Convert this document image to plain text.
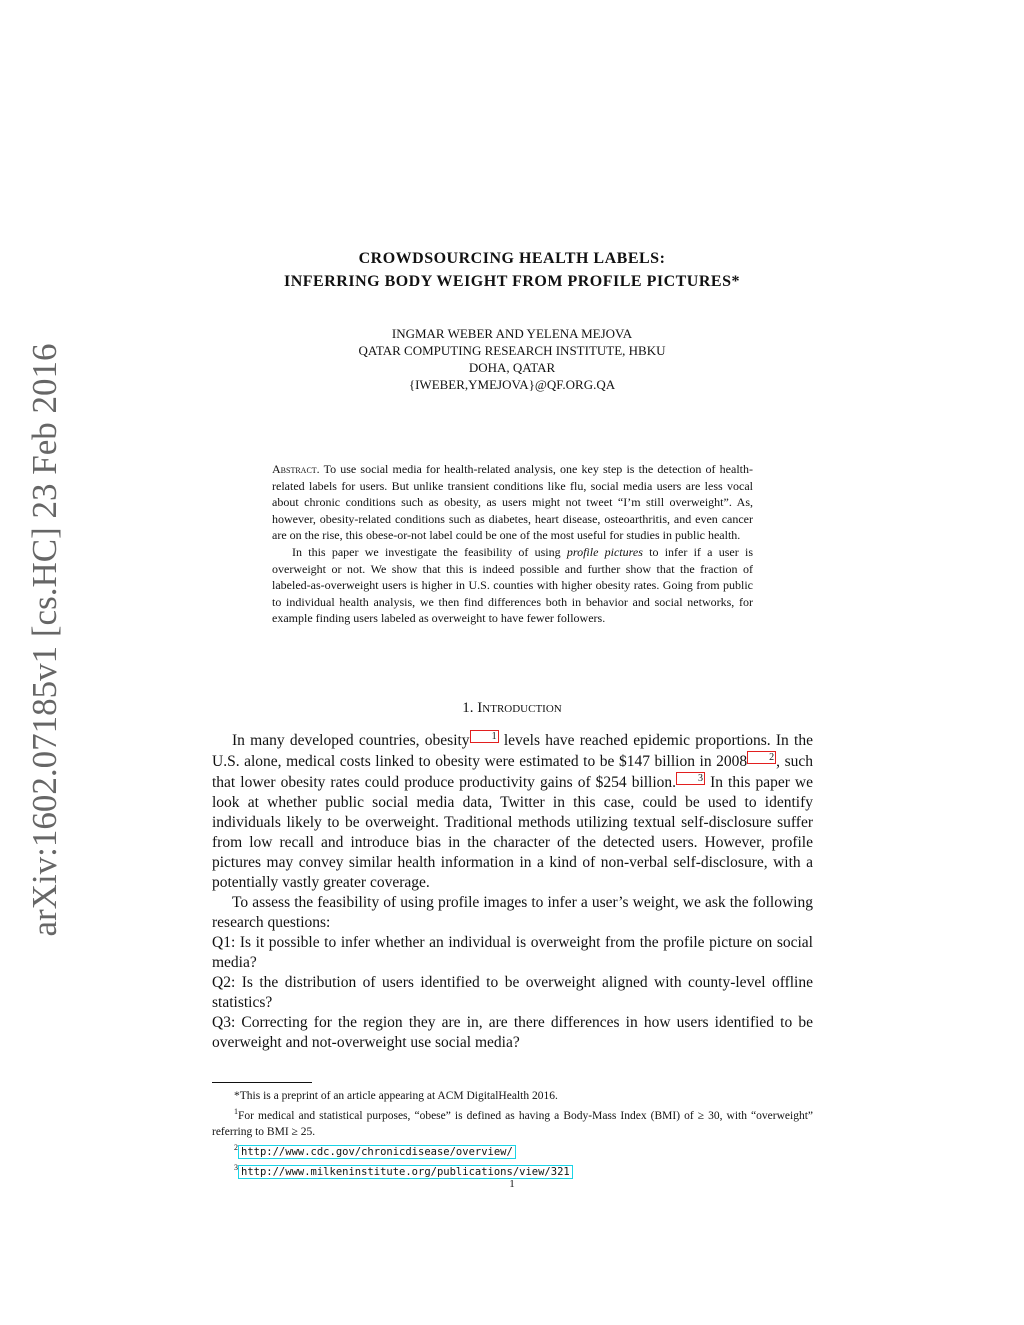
arXiv:1602.07185v1 [cs.HC] 23 Feb 2016
CROWDSOURCING HEALTH LABELS:
INFERRING BODY WEIGHT FROM PROFILE PICTURES*
INGMAR WEBER AND YELENA MEJOVA
QATAR COMPUTING RESEARCH INSTITUTE, HBKU
DOHA, QATAR
{IWEBER,YMEJOVA}@QF.ORG.QA

Abstract. To use social media for health-related analysis, one key step is the detection of health-related labels for users. But unlike transient conditions like flu, social media users are less vocal about chronic conditions such as obesity, as users might not tweet “I’m still overweight”. As, however, obesity-related conditions such as diabetes, heart disease, osteoarthritis, and even cancer are on the rise, this obese-or-not label could be one of the most useful for studies in public health.

In this paper we investigate the feasibility of using profile pictures to infer if a user is overweight or not. We show that this is indeed possible and further show that the fraction of labeled-as-overweight users is higher in U.S. counties with higher obesity rates. Going from public to individual health analysis, we then find differences both in behavior and social networks, for example finding users labeled as overweight to have fewer followers.

1. Introduction

In many developed countries, obesity 1 levels have reached epidemic proportions. In the U.S. alone, medical costs linked to obesity were estimated to be $147 billion in 2008 2 , such that lower obesity rates could produce productivity gains of $254 billion. 3 In this paper we look at whether public social media data, Twitter in this case, could be used to identify individuals likely to be overweight. Traditional methods utilizing textual self-disclosure suffer from low recall and introduce bias in the character of the detected users. However, profile pictures may convey similar health information in a kind of non-verbal self-disclosure, with a potentially vastly greater coverage.

To assess the feasibility of using profile images to infer a user’s weight, we ask the following research questions:

Q1: Is it possible to infer whether an individual is overweight from the profile picture on social media?

Q2: Is the distribution of users identified to be overweight aligned with county-level offline statistics?

Q3: Correcting for the region they are in, are there differences in how users identified to be overweight and not-overweight use social media?

*This is a preprint of an article appearing at ACM DigitalHealth 2016.

$^1$For medical and statistical purposes, “obese” is defined as having a Body-Mass Index (BMI) of ≥ 30, with “overweight” referring to BMI ≥ 25.

$^2$ http://www.cdc.gov/chronicdisease/overview/

$^3$ http://www.milkeninstitute.org/publications/view/321

1
